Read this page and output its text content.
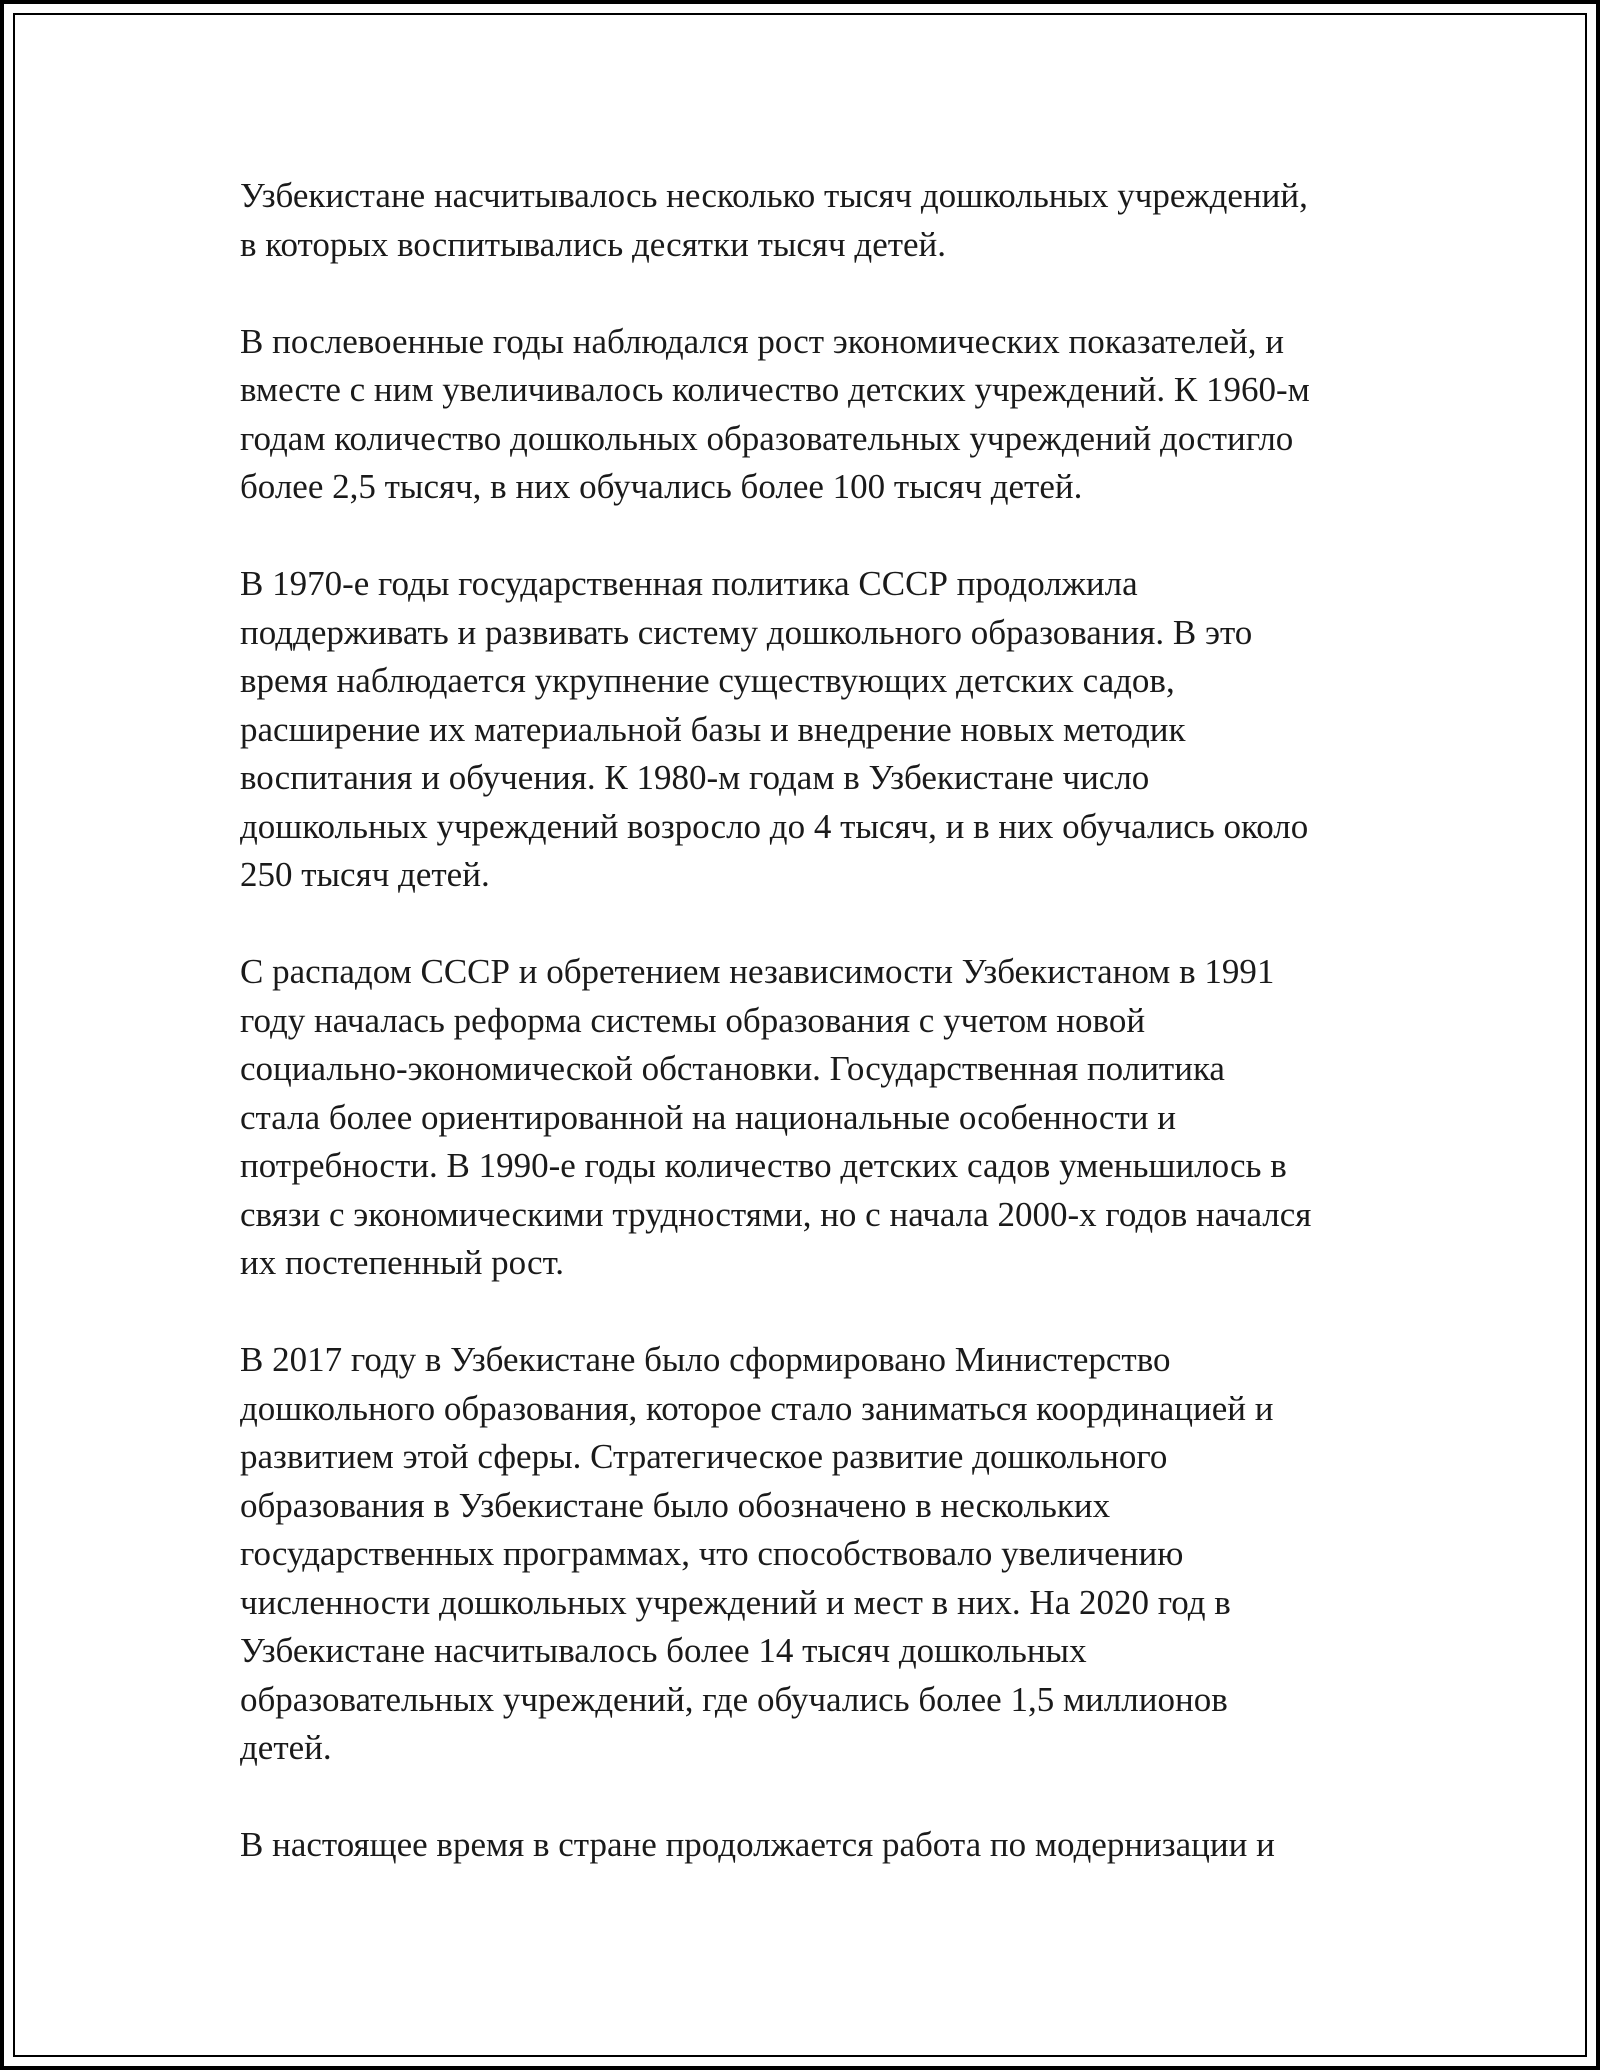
Узбекистане насчитывалось несколько тысяч дошкольных учреждений,
в которых воспитывались десятки тысяч детей.

В послевоенные годы наблюдался рост экономических показателей, и
вместе с ним увеличивалось количество детских учреждений. К 1960-м
годам количество дошкольных образовательных учреждений достигло
более 2,5 тысяч, в них обучались более 100 тысяч детей.

В 1970-е годы государственная политика СССР продолжила
поддерживать и развивать систему дошкольного образования. В это
время наблюдается укрупнение существующих детских садов,
расширение их материальной базы и внедрение новых методик
воспитания и обучения. К 1980-м годам в Узбекистане число
дошкольных учреждений возросло до 4 тысяч, и в них обучались около
250 тысяч детей.

С распадом СССР и обретением независимости Узбекистаном в 1991
году началась реформа системы образования с учетом новой
социально-экономической обстановки. Государственная политика
стала более ориентированной на национальные особенности и
потребности. В 1990-е годы количество детских садов уменьшилось в
связи с экономическими трудностями, но с начала 2000-х годов начался
их постепенный рост.

В 2017 году в Узбекистане было сформировано Министерство
дошкольного образования, которое стало заниматься координацией и
развитием этой сферы. Стратегическое развитие дошкольного
образования в Узбекистане было обозначено в нескольких
государственных программах, что способствовало увеличению
численности дошкольных учреждений и мест в них. На 2020 год в
Узбекистане насчитывалось более 14 тысяч дошкольных
образовательных учреждений, где обучались более 1,5 миллионов
детей.

В настоящее время в стране продолжается работа по модернизации и
